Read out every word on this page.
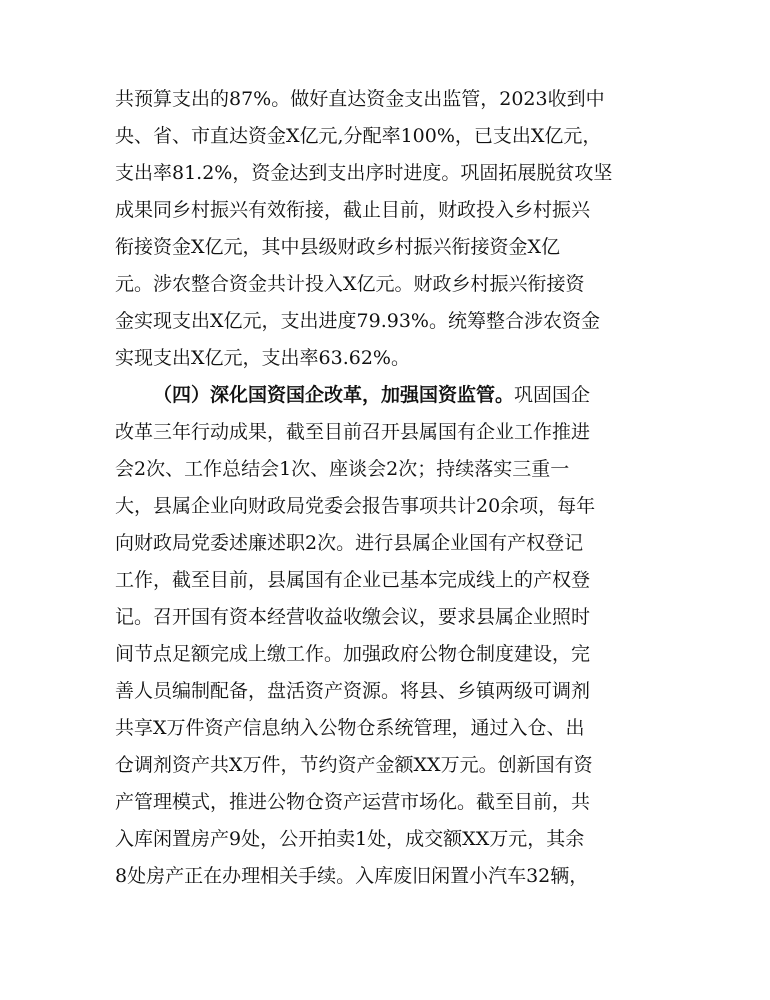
共预算支出的87%。做好直达资金支出监管，2023收到中
央、省、市直达资金X亿元,分配率100%，已支出X亿元，
支出率81.2%，资金达到支出序时进度。巩固拓展脱贫攻坚
成果同乡村振兴有效衔接，截止目前，财政投入乡村振兴
衔接资金X亿元，其中县级财政乡村振兴衔接资金X亿
元。涉农整合资金共计投入X亿元。财政乡村振兴衔接资
金实现支出X亿元，支出进度79.93%。统筹整合涉农资金
实现支出X亿元，支出率63.62%。
（四）深化国资国企改革，加强国资监管。巩固国企
改革三年行动成果，截至目前召开县属国有企业工作推进
会2次、工作总结会1次、座谈会2次；持续落实三重一
大，县属企业向财政局党委会报告事项共计20余项，每年
向财政局党委述廉述职2次。进行县属企业国有产权登记
工作，截至目前，县属国有企业已基本完成线上的产权登
记。召开国有资本经营收益收缴会议，要求县属企业照时
间节点足额完成上缴工作。加强政府公物仓制度建设，完
善人员编制配备，盘活资产资源。将县、乡镇两级可调剂
共享X万件资产信息纳入公物仓系统管理，通过入仓、出
仓调剂资产共X万件，节约资产金额XX万元。创新国有资
产管理模式，推进公物仓资产运营市场化。截至目前，共
入库闲置房产9处，公开拍卖1处，成交额XX万元，其余
8处房产正在办理相关手续。入库废旧闲置小汽车32辆，
